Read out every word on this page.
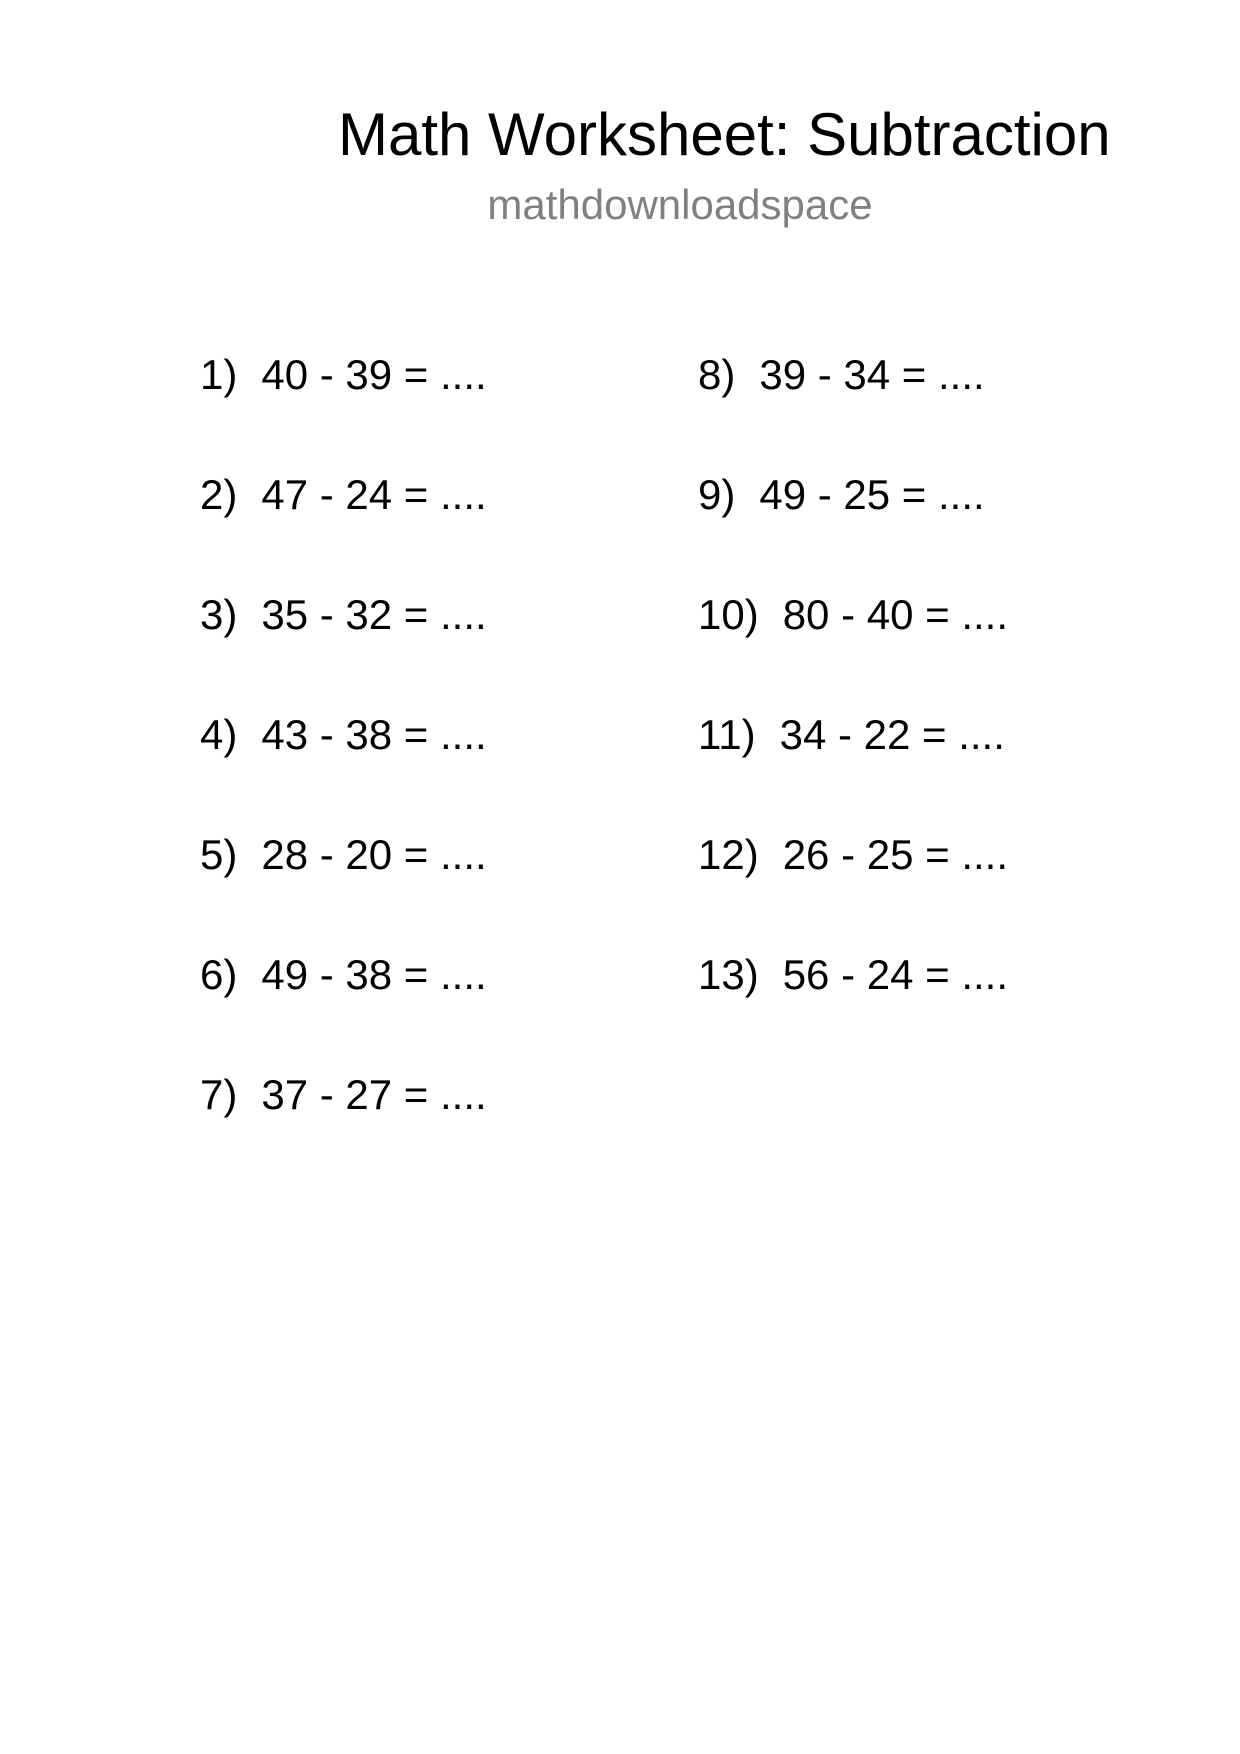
Math Worksheet: Subtraction
mathdownloadspace
1) 40 - 39 = ....
2) 47 - 24 = ....
3) 35 - 32 = ....
4) 43 - 38 = ....
5) 28 - 20 = ....
6) 49 - 38 = ....
7) 37 - 27 = ....
8) 39 - 34 = ....
9) 49 - 25 = ....
10) 80 - 40 = ....
11) 34 - 22 = ....
12) 26 - 25 = ....
13) 56 - 24 = ....
